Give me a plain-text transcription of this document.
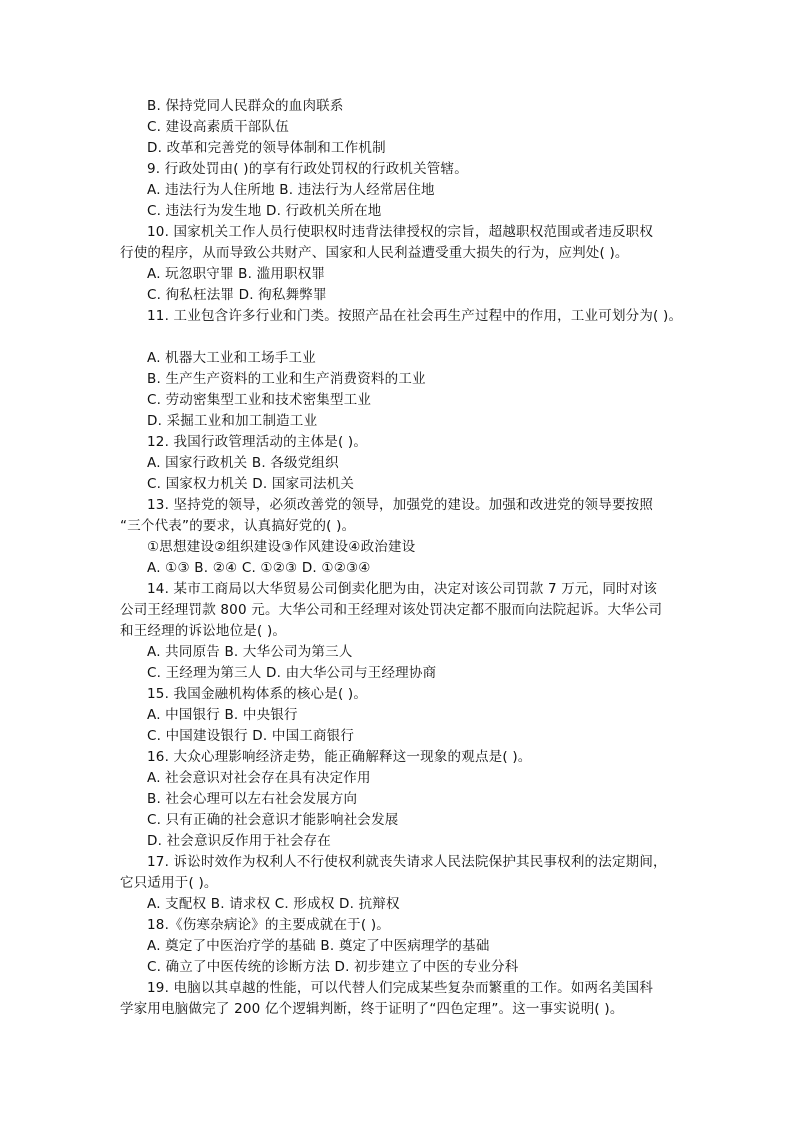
B. 保持党同人民群众的血肉联系
C. 建设高素质干部队伍
D. 改革和完善党的领导体制和工作机制
9. 行政处罚由( )的享有行政处罚权的行政机关管辖。
A. 违法行为人住所地 B. 违法行为人经常居住地
C. 违法行为发生地 D. 行政机关所在地
10. 国家机关工作人员行使职权时违背法律授权的宗旨，超越职权范围或者违反职权
行使的程序，从而导致公共财产、国家和人民利益遭受重大损失的行为，应判处( )。
A. 玩忽职守罪 B. 滥用职权罪
C. 徇私枉法罪 D. 徇私舞弊罪
11. 工业包含许多行业和门类。按照产品在社会再生产过程中的作用，工业可划分为( )。
A. 机器大工业和工场手工业
B. 生产生产资料的工业和生产消费资料的工业
C. 劳动密集型工业和技术密集型工业
D. 采掘工业和加工制造工业
12. 我国行政管理活动的主体是( )。
A. 国家行政机关 B. 各级党组织
C. 国家权力机关 D. 国家司法机关
13. 坚持党的领导，必须改善党的领导，加强党的建设。加强和改进党的领导要按照
“三个代表”的要求，认真搞好党的( )。
①思想建设②组织建设③作风建设④政治建设
A. ①③ B. ②④ C. ①②③ D. ①②③④
14. 某市工商局以大华贸易公司倒卖化肥为由，决定对该公司罚款 7 万元，同时对该
公司王经理罚款 800 元。大华公司和王经理对该处罚决定都不服而向法院起诉。大华公司
和王经理的诉讼地位是( )。
A. 共同原告 B. 大华公司为第三人
C. 王经理为第三人 D. 由大华公司与王经理协商
15. 我国金融机构体系的核心是( )。
A. 中国银行 B. 中央银行
C. 中国建设银行 D. 中国工商银行
16. 大众心理影响经济走势，能正确解释这一现象的观点是( )。
A. 社会意识对社会存在具有决定作用
B. 社会心理可以左右社会发展方向
C. 只有正确的社会意识才能影响社会发展
D. 社会意识反作用于社会存在
17. 诉讼时效作为权利人不行使权利就丧失请求人民法院保护其民事权利的法定期间，
它只适用于( )。
A. 支配权 B. 请求权 C. 形成权 D. 抗辩权
18.《伤寒杂病论》的主要成就在于( )。
A. 奠定了中医治疗学的基础 B. 奠定了中医病理学的基础
C. 确立了中医传统的诊断方法 D. 初步建立了中医的专业分科
19. 电脑以其卓越的性能，可以代替人们完成某些复杂而繁重的工作。如两名美国科
学家用电脑做完了 200 亿个逻辑判断，终于证明了“四色定理”。这一事实说明( )。
